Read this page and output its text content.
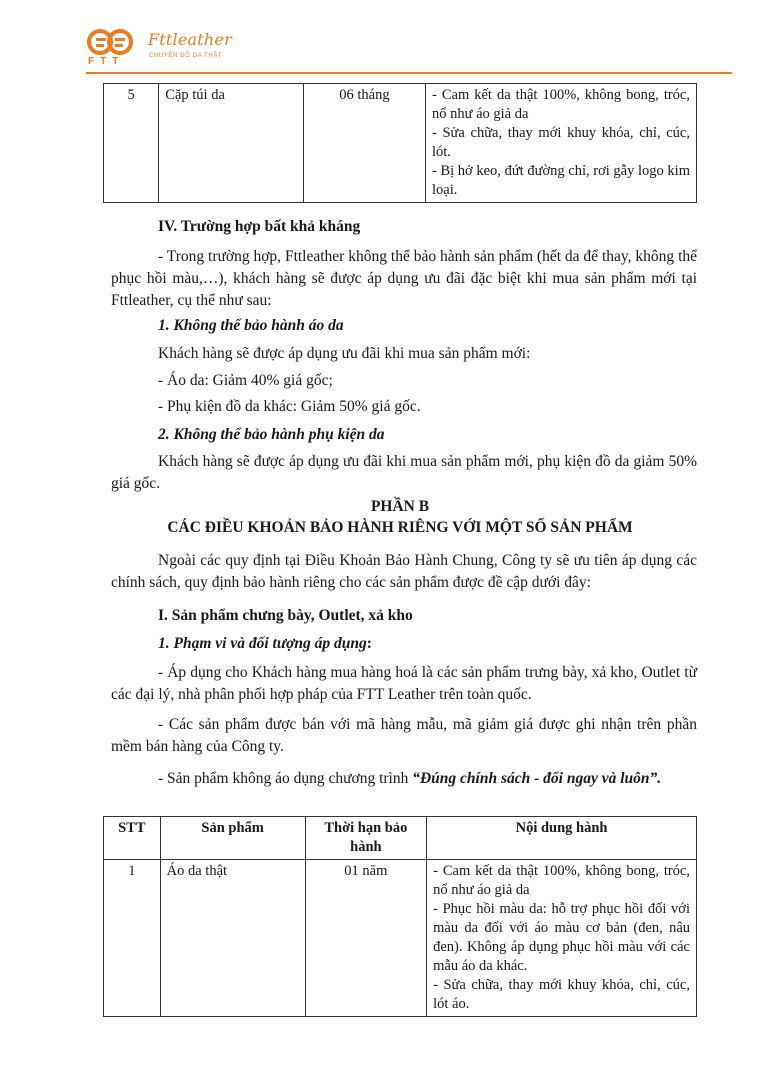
FTT
Fttleather
CHUYÊN ĐỒ DA THẬT
5	Cặp túi da	06 tháng	- Cam kết da thật 100%, không bong, tróc, nổ như áo giả da
- Sửa chữa, thay mới khuy khóa, chỉ, cúc, lót.
- Bị hở keo, đứt đường chỉ, rơi gẫy logo kim loại.

IV. Trường hợp bất khả kháng

- Trong trường hợp, Fttleather không thể bảo hành sản phẩm (hết da để thay, không thể phục hồi màu,…), khách hàng sẽ được áp dụng ưu đãi đặc biệt khi mua sản phẩm mới tại Fttleather, cụ thể như sau:

1. Không thể bảo hành áo da

Khách hàng sẽ được áp dụng ưu đãi khi mua sản phẩm mới:

- Áo da: Giảm 40% giá gốc;

- Phụ kiện đồ da khác: Giảm 50% giá gốc.

2. Không thể bảo hành phụ kiện da

Khách hàng sẽ được áp dụng ưu đãi khi mua sản phẩm mới, phụ kiện đồ da giảm 50% giá gốc.

PHẦN B

CÁC ĐIỀU KHOẢN BẢO HÀNH RIÊNG VỚI MỘT SỐ SẢN PHẨM

Ngoài các quy định tại Điều Khoản Bảo Hành Chung, Công ty sẽ ưu tiên áp dụng các chính sách, quy định bảo hành riêng cho các sản phẩm được đề cập dưới đây:

I. Sản phẩm chưng bày, Outlet, xả kho

1. Phạm vi và đối tượng áp dụng:

- Áp dụng cho Khách hàng mua hàng hoá là các sản phẩm trưng bày, xả kho, Outlet từ các đại lý, nhà phân phối hợp pháp của FTT Leather trên toàn quốc.

- Các sản phẩm được bán với mã hàng mẫu, mã giảm giá được ghi nhận trên phần mềm bán hàng của Công ty.

- Sản phẩm không áo dụng chương trình “Đúng chính sách - đổi ngay và luôn”.

STT	Sản phẩm	Thời hạn bảo hành	Nội dung hành
1	Áo da thật	01 năm	- Cam kết da thật 100%, không bong, tróc, nổ như áo giả da
- Phục hồi màu da: hỗ trợ phục hồi đối với màu da đối với áo màu cơ bản (đen, nâu đen). Không áp dụng phục hồi màu với các mẫu áo da khác.
- Sửa chữa, thay mới khuy khóa, chỉ, cúc, lót áo.
